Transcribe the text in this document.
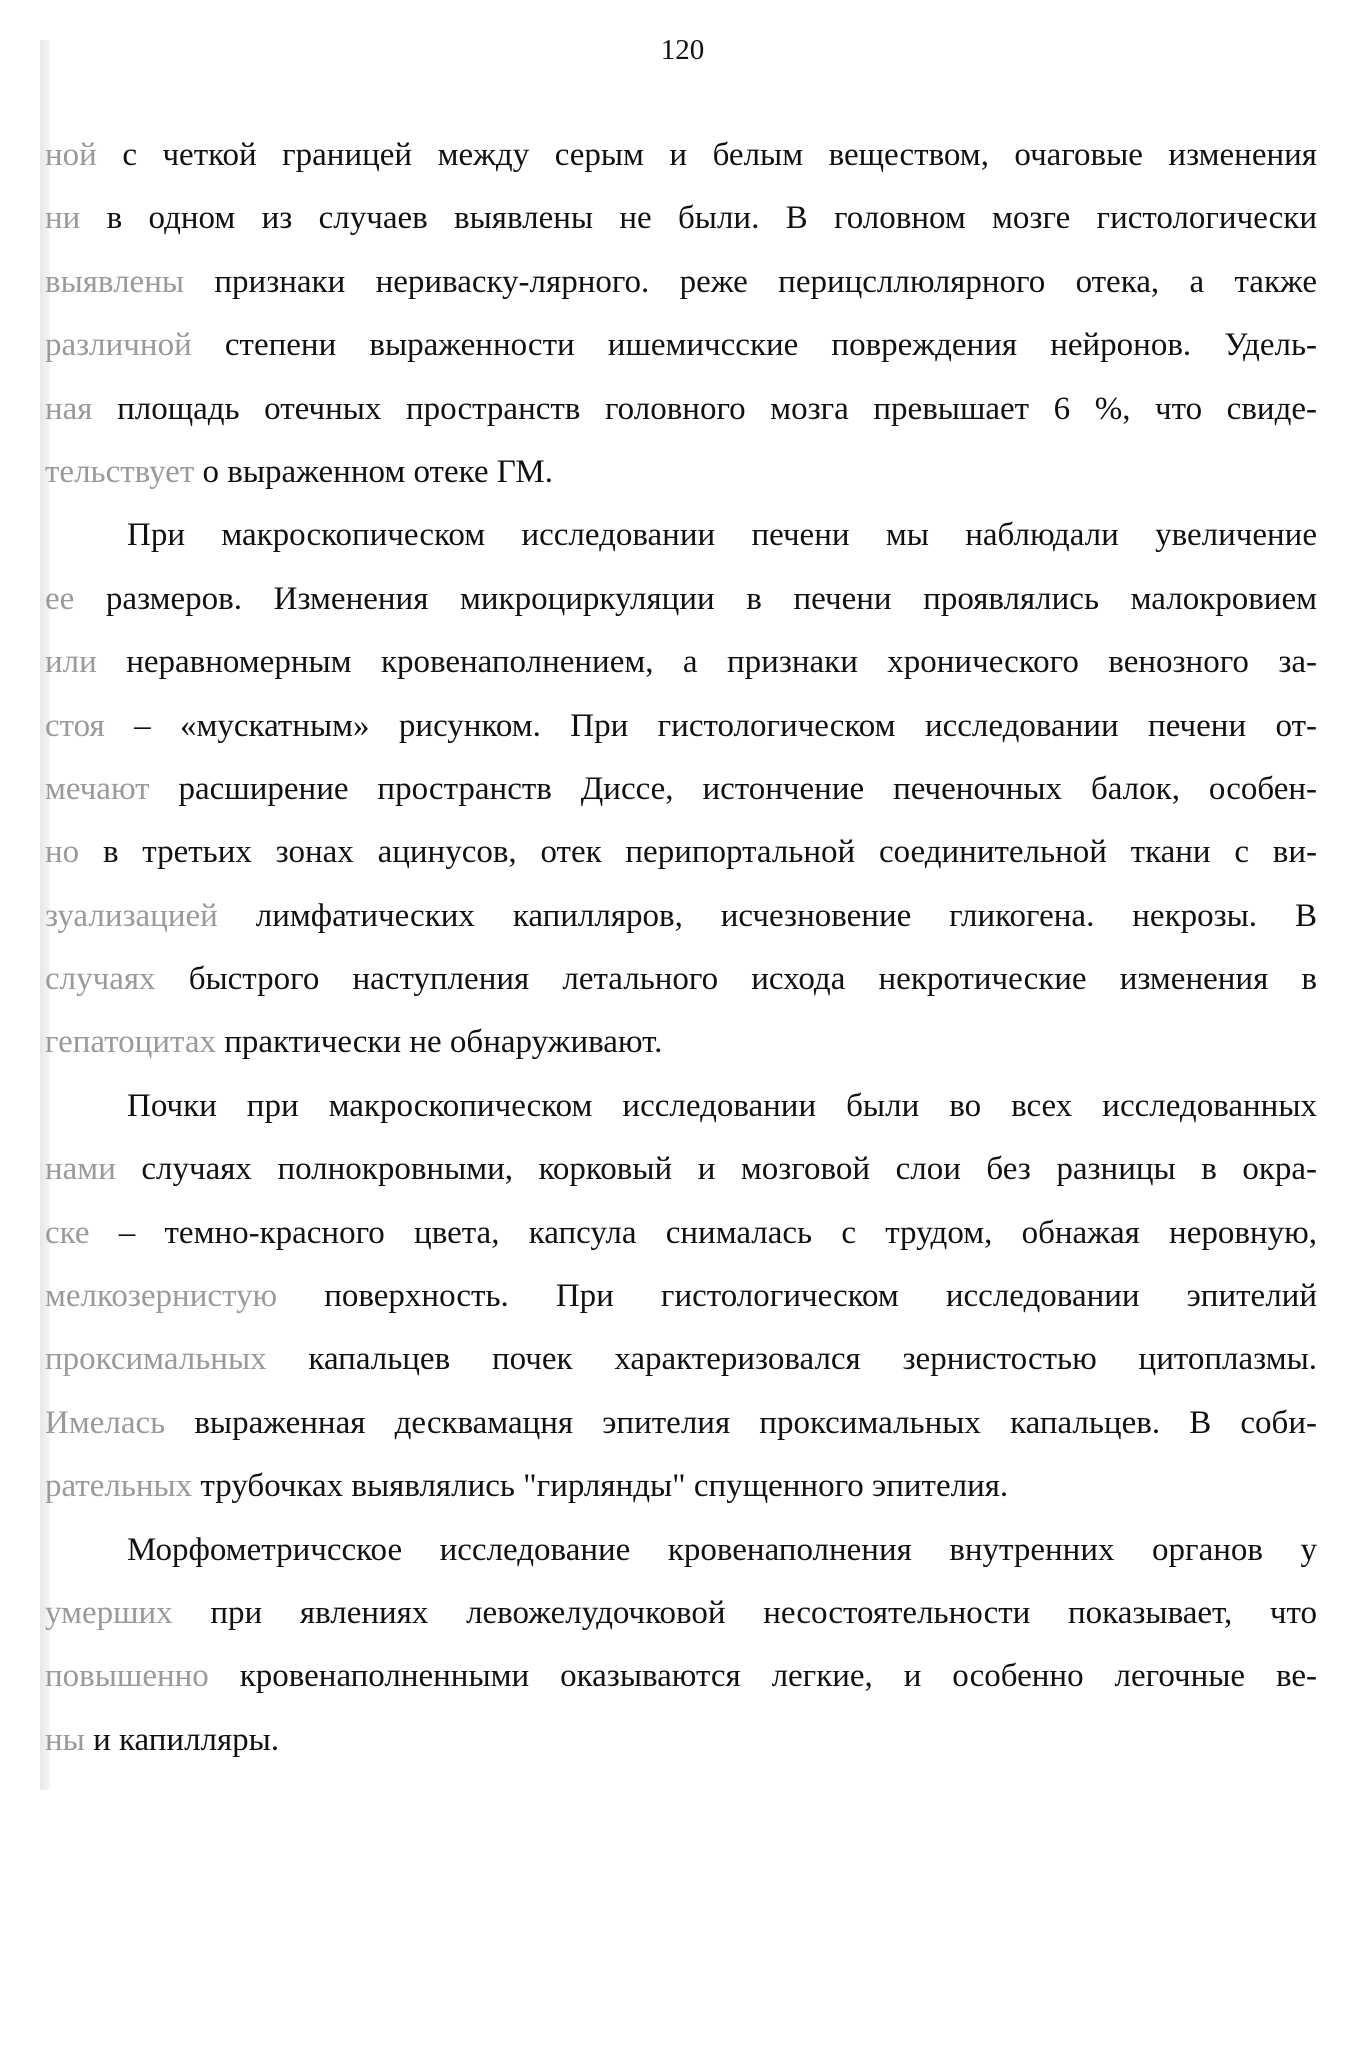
120
ной с четкой границей между серым и белым веществом, очаговые изменения
ни в одном из случаев выявлены не были. В головном мозге гистологически
выявлены признаки нериваску-лярного. реже перицсллюлярного отека, а также
различной степени выраженности ишемичсские повреждения нейронов. Удель-
ная площадь отечных пространств головного мозга превышает 6 %, что свиде-
тельствует о выраженном отеке ГМ.
При макроскопическом исследовании печени мы наблюдали увеличение
ее размеров. Изменения микроциркуляции в печени проявлялись малокровием
или неравномерным кровенаполнением, а признаки хронического венозного за-
стоя – «мускатным» рисунком. При гистологическом исследовании печени от-
мечают расширение пространств Диссе, истончение печеночных балок, особен-
но в третьих зонах ацинусов, отек перипортальной соединительной ткани с ви-
зуализацией лимфатических капилляров, исчезновение гликогена. некрозы. В
случаях быстрого наступления летального исхода некротические изменения в
гепатоцитах практически не обнаруживают.
Почки при макроскопическом исследовании были во всех исследованных
нами случаях полнокровными, корковый и мозговой слои без разницы в окра-
ске – темно-красного цвета, капсула снималась с трудом, обнажая неровную,
мелкозернистую поверхность. При гистологическом исследовании эпителий
проксимальных капальцев почек характеризовался зернистостью цитоплазмы.
Имелась выраженная десквамацня эпителия проксимальных капальцев. В соби-
рательных трубочках выявлялись "гирлянды" спущенного эпителия.
Морфометричсское исследование кровенаполнения внутренних органов у
умерших при явлениях левожелудочковой несостоятельности показывает, что
повышенно кровенаполненными оказываются легкие, и особенно легочные ве-
ны и капилляры.
